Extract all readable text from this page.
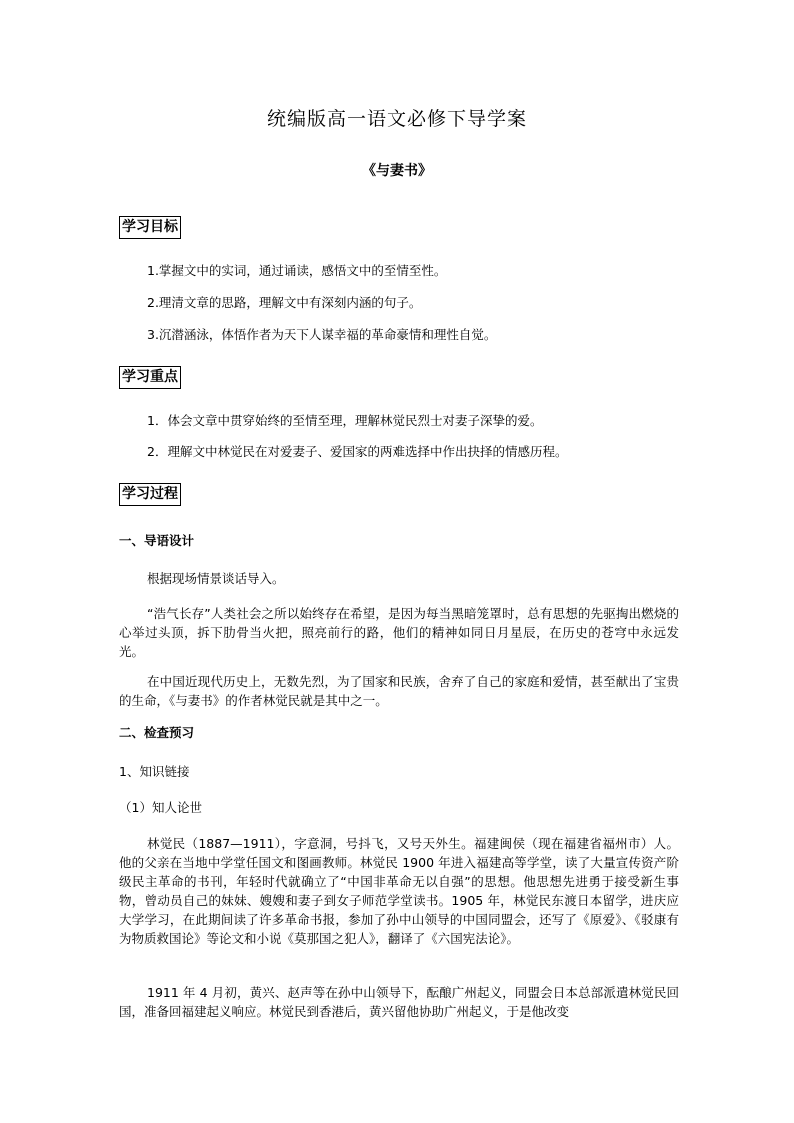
统编版高一语文必修下导学案
《与妻书》
学习目标
1.掌握文中的实词，通过诵读，感悟文中的至情至性。
2.理清文章的思路，理解文中有深刻内涵的句子。
3.沉潜涵泳，体悟作者为天下人谋幸福的革命豪情和理性自觉。
学习重点
1．体会文章中贯穿始终的至情至理，理解林觉民烈士对妻子深挚的爱。
2．理解文中林觉民在对爱妻子、爱国家的两难选择中作出抉择的情感历程。
学习过程
一、导语设计
根据现场情景谈话导入。
“浩气长存”人类社会之所以始终存在希望，是因为每当黑暗笼罩时，总有思想的先驱掏出燃烧的心举过头顶，拆下肋骨当火把，照亮前行的路，他们的精神如同日月星辰，在历史的苍穹中永远发光。
在中国近现代历史上，无数先烈，为了国家和民族，舍弃了自己的家庭和爱情，甚至献出了宝贵的生命，《与妻书》的作者林觉民就是其中之一。
二、检查预习
1、知识链接
（1）知人论世
林觉民（1887—1911），字意洞，号抖飞，又号天外生。福建闽侯（现在福建省福州市）人。他的父亲在当地中学堂任国文和图画教师。林觉民 1900 年进入福建高等学堂，读了大量宣传资产阶级民主革命的书刊，年轻时代就确立了“中国非革命无以自强”的思想。他思想先进勇于接受新生事物，曾动员自己的妹妹、嫂嫂和妻子到女子师范学堂读书。1905 年，林觉民东渡日本留学，进庆应大学学习，在此期间读了许多革命书报，参加了孙中山领导的中国同盟会，还写了《原爱》、《驳康有为物质救国论》等论文和小说《莫那国之犯人》，翻译了《六国宪法论》。
1911 年 4 月初，黄兴、赵声等在孙中山领导下，酝酿广州起义，同盟会日本总部派遣林觉民回国，准备回福建起义响应。林觉民到香港后，黄兴留他协助广州起义，于是他改变
